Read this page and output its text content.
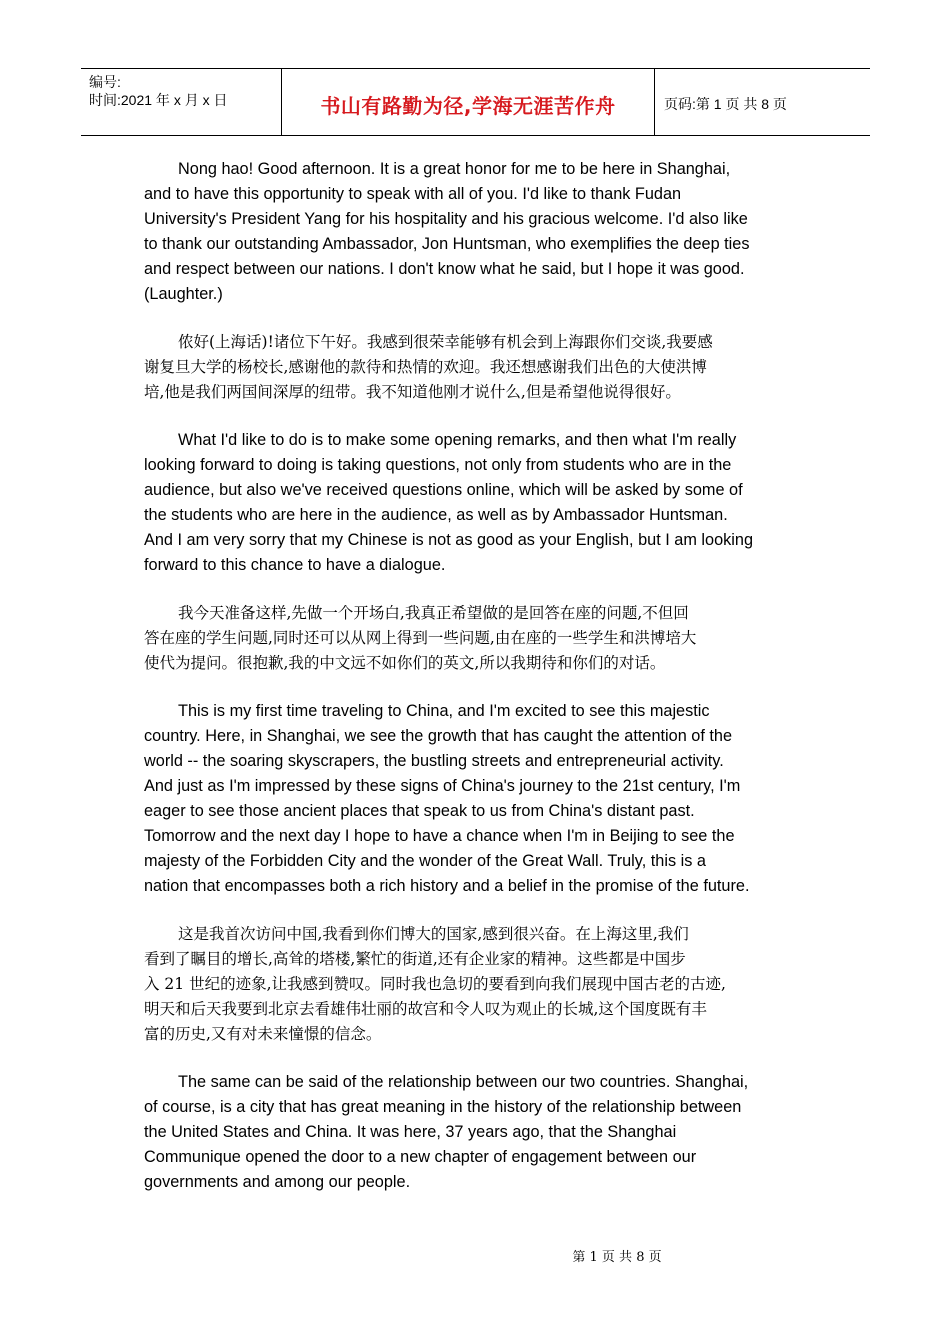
编号:
时间:2021 年 x 月 x 日	书山有路勤为径,学海无涯苦作舟	页码:第 1 页 共 8 页

Nong hao! Good afternoon. It is a great honor for me to be here in Shanghai,
and to have this opportunity to speak with all of you. I'd like to thank Fudan
University's President Yang for his hospitality and his gracious welcome. I'd also like
to thank our outstanding Ambassador, Jon Huntsman, who exemplifies the deep ties
and respect between our nations. I don't know what he said, but I hope it was good.
(Laughter.)

侬好(上海话)!诸位下午好。我感到很荣幸能够有机会到上海跟你们交谈,我要感
谢复旦大学的杨校长,感谢他的款待和热情的欢迎。我还想感谢我们出色的大使洪博
培,他是我们两国间深厚的纽带。我不知道他刚才说什么,但是希望他说得很好。

What I'd like to do is to make some opening remarks, and then what I'm really
looking forward to doing is taking questions, not only from students who are in the
audience, but also we've received questions online, which will be asked by some of
the students who are here in the audience, as well as by Ambassador Huntsman.
And I am very sorry that my Chinese is not as good as your English, but I am looking
forward to this chance to have a dialogue.

我今天准备这样,先做一个开场白,我真正希望做的是回答在座的问题,不但回
答在座的学生问题,同时还可以从网上得到一些问题,由在座的一些学生和洪博培大
使代为提问。很抱歉,我的中文远不如你们的英文,所以我期待和你们的对话。

This is my first time traveling to China, and I'm excited to see this majestic
country. Here, in Shanghai, we see the growth that has caught the attention of the
world -- the soaring skyscrapers, the bustling streets and entrepreneurial activity.
And just as I'm impressed by these signs of China's journey to the 21st century, I'm
eager to see those ancient places that speak to us from China's distant past.
Tomorrow and the next day I hope to have a chance when I'm in Beijing to see the
majesty of the Forbidden City and the wonder of the Great Wall. Truly, this is a
nation that encompasses both a rich history and a belief in the promise of the future.

这是我首次访问中国,我看到你们博大的国家,感到很兴奋。在上海这里,我们
看到了瞩目的增长,高耸的塔楼,繁忙的街道,还有企业家的精神。这些都是中国步
入 21 世纪的迹象,让我感到赞叹。同时我也急切的要看到向我们展现中国古老的古迹,
明天和后天我要到北京去看雄伟壮丽的故宫和令人叹为观止的长城,这个国度既有丰
富的历史,又有对未来憧憬的信念。

The same can be said of the relationship between our two countries. Shanghai,
of course, is a city that has great meaning in the history of the relationship between
the United States and China. It was here, 37 years ago, that the Shanghai
Communique opened the door to a new chapter of engagement between our
governments and among our people.

第 1 页 共 8 页
